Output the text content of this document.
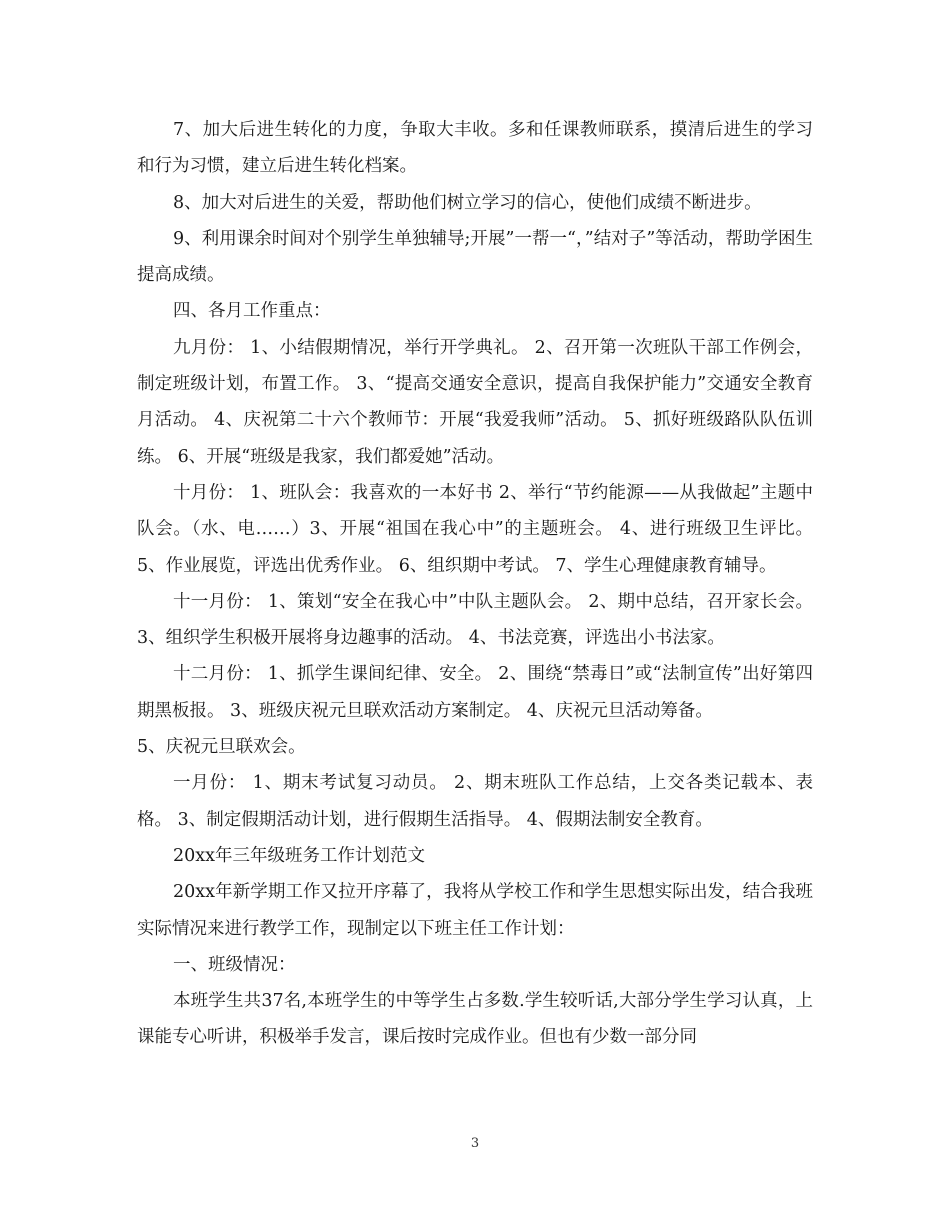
7、加大后进生转化的力度，争取大丰收。多和任课教师联系，摸清后进生的学习和行为习惯，建立后进生转化档案。

8、加大对后进生的关爱，帮助他们树立学习的信心，使他们成绩不断进步。

9、利用课余时间对个别学生单独辅导;开展”一帮一“，”结对子”等活动，帮助学困生提高成绩。

四、各月工作重点：

九月份： 1、小结假期情况，举行开学典礼。 2、召开第一次班队干部工作例会，制定班级计划，布置工作。 3、“提高交通安全意识，提高自我保护能力”交通安全教育月活动。 4、庆祝第二十六个教师节：开展“我爱我师”活动。 5、抓好班级路队队伍训练。 6、开展“班级是我家，我们都爱她”活动。

十月份： 1、班队会：我喜欢的一本好书 2、举行“节约能源——从我做起”主题中队会。（水、电……）3、开展“祖国在我心中”的主题班会。 4、进行班级卫生评比。 5、作业展览，评选出优秀作业。 6、组织期中考试。 7、学生心理健康教育辅导。

十一月份： 1、策划“安全在我心中”中队主题队会。 2、期中总结，召开家长会。 3、组织学生积极开展将身边趣事的活动。 4、书法竞赛，评选出小书法家。

十二月份： 1、抓学生课间纪律、安全。 2、围绕“禁毒日”或“法制宣传”出好第四期黑板报。 3、班级庆祝元旦联欢活动方案制定。 4、庆祝元旦活动筹备。

5、庆祝元旦联欢会。

一月份： 1、期末考试复习动员。 2、期末班队工作总结，上交各类记载本、表格。 3、制定假期活动计划，进行假期生活指导。 4、假期法制安全教育。

20xx年三年级班务工作计划范文

20xx年新学期工作又拉开序幕了，我将从学校工作和学生思想实际出发，结合我班实际情况来进行教学工作，现制定以下班主任工作计划：

一、班级情况：

本班学生共37名,本班学生的中等学生占多数.学生较听话,大部分学生学习认真，上课能专心听讲，积极举手发言，课后按时完成作业。但也有少数一部分同

3
